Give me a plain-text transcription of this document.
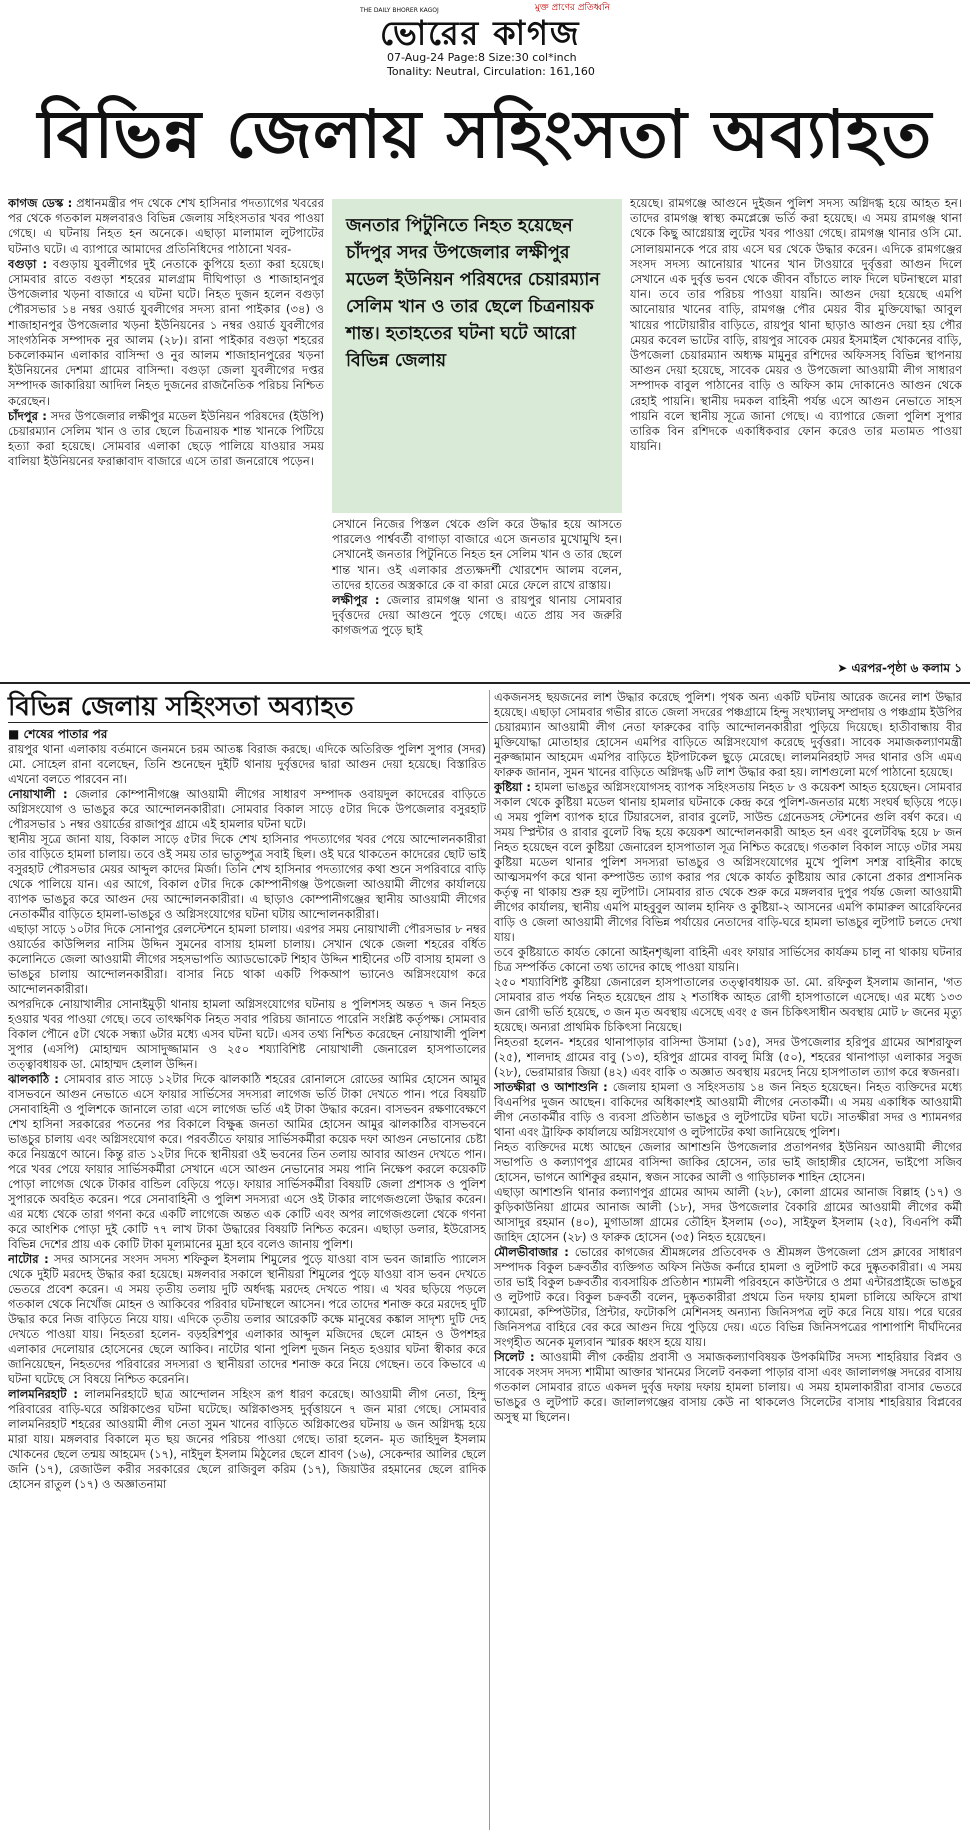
মুক্ত প্রাণের প্রতিধ্বনি
THE DAILY BHORER KAGOJ
ভোরের কাগজ
07-Aug-24 Page:8 Size:30 col*inch
Tonality: Neutral, Circulation: 161,160
বিভিন্ন জেলায় সহিংসতা অব্যাহত

কাগজ ডেস্ক : প্রধানমন্ত্রীর পদ থেকে শেখ হাসিনার পদত্যাগের খবরের পর থেকে গতকাল মঙ্গলবারও বিভিন্ন জেলায় সহিংসতার খবর পাওয়া গেছে। এ ঘটনায় নিহত হন অনেকে। এছাড়া মালামাল লুটপাটের ঘটনাও ঘটে। এ ব্যাপারে আমাদের প্রতিনিধিদের পাঠানো খবর-

বগুড়া : বগুড়ায় যুবলীগের দুই নেতাকে কুপিয়ে হত্যা করা হয়েছে। সোমবার রাতে বগুড়া শহরের মালগ্রাম দীঘিপাড়া ও শাজাহানপুর উপজেলার খড়না বাজারে এ ঘটনা ঘটে। নিহত দুজন হলেন বগুড়া পৌরসভার ১৪ নম্বর ওয়ার্ড যুবলীগের সদস্য রানা পাইকার (৩৪) ও শাজাহানপুর উপজেলার খড়না ইউনিয়নের ১ নম্বর ওয়ার্ড যুবলীগের সাংগঠনিক সম্পাদক নুর আলম (২৮)। রানা পাইকার বগুড়া শহরের চকলোকমান এলাকার বাসিন্দা ও নুর আলম শাজাহানপুরের খড়না ইউনিয়নের দেশমা গ্রামের বাসিন্দা। বগুড়া জেলা যুবলীগের দপ্তর সম্পাদক জাকারিয়া আদিল নিহত দুজনের রাজনৈতিক পরিচয় নিশ্চিত করেছেন।

চাঁদপুর : সদর উপজেলার লক্ষীপুর মডেল ইউনিয়ন পরিষদের (ইউপি) চেয়ারম্যান সেলিম খান ও তার ছেলে চিত্রনায়ক শান্ত খানকে পিটিয়ে হত্যা করা হয়েছে। সোমবার এলাকা ছেড়ে পালিয়ে যাওয়ার সময় বালিয়া ইউনিয়নের ফরাক্কাবাদ বাজারে এসে তারা জনরোষে পড়েন।

জনতার পিটুনিতে নিহত হয়েছেন চাঁদপুর সদর উপজেলার লক্ষীপুর মডেল ইউনিয়ন পরিষদের চেয়ারম্যান সেলিম খান ও তার ছেলে চিত্রনায়ক শান্ত। হতাহতের ঘটনা ঘটে আরো বিভিন্ন জেলায়

সেখানে নিজের পিস্তল থেকে গুলি করে উদ্ধার হয়ে আসতে পারলেও পার্শ্ববর্তী বাগাড়া বাজারে এসে জনতার মুখোমুখি হন। সেখানেই জনতার পিটুনিতে নিহত হন সেলিম খান ও তার ছেলে শান্ত খান। ওই এলাকার প্রত্যক্ষদর্শী খোরশেদ আলম বলেন, তাদের হাতের অস্ত্রকারে কে বা কারা মেরে ফেলে রাখে রাস্তায়।

লক্ষীপুর : জেলার রামগঞ্জ থানা ও রায়পুর থানায় সোমবার দুর্বৃত্তদের দেয়া আগুনে পুড়ে গেছে। এতে প্রায় সব জরুরি কাগজপত্র পুড়ে ছাই

হয়েছে। রামগঞ্জে আগুনে দুইজন পুলিশ সদস্য অগ্নিদগ্ধ হয়ে আহত হন। তাদের রামগঞ্জ স্বাস্থ্য কমপ্লেক্সে ভর্তি করা হয়েছে। এ সময় রামগঞ্জ থানা থেকে কিছু আগ্নেয়াস্ত্র লুটের খবর পাওয়া গেছে। রামগঞ্জ থানার ওসি মো. সোলায়মানকে পরে রায় এসে ঘর থেকে উদ্ধার করেন। এদিকে রামগঞ্জের সংসদ সদস্য আনোয়ার খানের খান টাওয়ারে দুর্বৃত্তরা আগুন দিলে সেখানে এক দুর্বৃত্ত ভবন থেকে জীবন বাঁচাতে লাফ দিলে ঘটনাস্থলে মারা যান। তবে তার পরিচয় পাওয়া যায়নি। আগুন দেয়া হয়েছে এমপি আনোয়ার খানের বাড়ি, রামগঞ্জ পৌর মেয়র বীর মুক্তিযোদ্ধা আবুল খায়ের পাটোয়ারীর বাড়িতে, রায়পুর থানা ছাড়াও আগুন দেয়া হয় পৌর মেয়র কবেল ভাটের বাড়ি, রায়পুর সাবেক মেয়র ইসমাইল খোকনের বাড়ি, উপজেলা চেয়ারম্যান অধ্যক্ষ মামুনুর রশিদের অফিসসহ বিভিন্ন স্থাপনায় আগুন দেয়া হয়েছে, সাবেক মেয়র ও উপজেলা আওয়ামী লীগ সাধারণ সম্পাদক বাবুল পাঠানের বাড়ি ও অফিস কাম দোকানেও আগুন থেকে রেহাই পায়নি। স্থানীয় দমকল বাহিনী পর্যন্ত এসে আগুন নেভাতে সাহস পায়নি বলে স্থানীয় সূত্রে জানা গেছে। এ ব্যাপারে জেলা পুলিশ সুপার তারিক বিন রশিদকে একাধিকবার ফোন করেও তার মতামত পাওয়া যায়নি।

➤ এরপর-পৃষ্ঠা ৬ কলাম ১
বিভিন্ন জেলায় সহিংসতা অব্যাহত
■ শেষের পাতার পর

রায়পুর থানা এলাকায় বর্তমানে জনমনে চরম আতঙ্ক বিরাজ করছে। এদিকে অতিরিক্ত পুলিশ সুপার (সদর) মো. সোহেল রানা বলেছেন, তিনি শুনেছেন দুইটি থানায় দুর্বৃত্তদের দ্বারা আগুন দেয়া হয়েছে। বিস্তারিত এখনো বলতে পারবেন না।

নোয়াখালী : জেলার কোম্পানীগঞ্জে আওয়ামী লীগের সাধারণ সম্পাদক ওবায়দুল কাদেরের বাড়িতে অগ্নিসংযোগ ও ভাঙচুর করে আন্দোলনকারীরা। সোমবার বিকাল সাড়ে ৫টার দিকে উপজেলার বসুরহাট পৌরসভার ১ নম্বর ওয়ার্ডের রাজাপুর গ্রামে এই হামলার ঘটনা ঘটে।

স্থানীয় সূত্রে জানা যায়, বিকাল সাড়ে ৫টার দিকে শেখ হাসিনার পদত্যাগের খবর পেয়ে আন্দোলনকারীরা তার বাড়িতে হামলা চালায়। তবে ওই সময় তার ভাতুষ্পুত্র সবাই ছিল। ওই ঘরে থাকতেন কাদেরের ছোট ভাই বসুরহাট পৌরসভার মেয়র আব্দুল কাদের মির্জা। তিনি শেখ হাসিনার পদত্যাগের কথা শুনে সপরিবারে বাড়ি থেকে পালিয়ে যান। এর আগে, বিকাল ৫টার দিকে কোম্পানীগঞ্জ উপজেলা আওয়ামী লীগের কার্যালয়ে ব্যাপক ভাঙচুর করে আগুন দেয় আন্দোলনকারীরা। এ ছাড়াও কোম্পানীগঞ্জের স্থানীয় আওয়ামী লীগের নেতাকর্মীর বাড়িতে হামলা-ভাঙচুর ও অগ্নিসংযোগের ঘটনা ঘটায় আন্দোলনকারীরা।

এছাড়া সাড়ে ১০টার দিকে সোনাপুর রেলস্টেশনে হামলা চালায়। এরপর সময় নোয়াখালী পৌরসভার ৮ নম্বর ওয়ার্ডের কাউন্সিলর নাসিম উদ্দিন সুমনের বাসায় হামলা চালায়। সেখান থেকে জেলা শহরের বর্ধিত কলোনিতে জেলা আওয়ামী লীগের সহসভাপতি অ্যাডভোকেট শিহাব উদ্দিন শাহীনের ৩টি বাসায় হামলা ও ভাঙচুর চালায় আন্দোলনকারীরা। বাসার নিচে থাকা একটি পিকআপ ভ্যানেও অগ্নিসংযোগ করে আন্দোলনকারীরা।

অপরদিকে নোয়াখালীর সোনাইমুড়ী থানায় হামলা অগ্নিসংযোগের ঘটনায় ৪ পুলিশসহ অন্তত ৭ জন নিহত হওয়ার খবর পাওয়া গেছে। তবে তাৎক্ষণিক নিহত সবার পরিচয় জানাতে পারেনি সংশ্লিষ্ট কর্তৃপক্ষ। সোমবার বিকাল পৌনে ৫টা থেকে সন্ধ্যা ৬টার মধ্যে এসব ঘটনা ঘটে। এসব তথ্য নিশ্চিত করেছেন নোয়াখালী পুলিশ সুপার (এসপি) মোহাম্মদ আসাদুজ্জামান ও ২৫০ শয্যাবিশিষ্ট নোয়াখালী জেনারেল হাসপাতালের তত্ত্বাবধায়ক ডা. মোহাম্মদ হেলাল উদ্দিন।

ঝালকাঠি : সোমবার রাত সাড়ে ১২টার দিকে ঝালকাঠি শহরের রোনালসে রোডের আমির হোসেন আমুর বাসভবনে আগুন নেভাতে এসে ফায়ার সার্ভিসের সদস্যরা লাগেজ ভর্তি টাকা দেখতে পান। পরে বিষয়টি সেনাবাহিনী ও পুলিশকে জানালে তারা এসে লাগেজ ভর্তি এই টাকা উদ্ধার করেন। বাসভবন রক্ষণাবেক্ষণে শেখ হাসিনা সরকারের পতনের পর বিকালে বিক্ষুব্ধ জনতা আমির হোসেন আমুর ঝালকাঠির বাসভবনে ভাঙচুর চালায় এবং অগ্নিসংযোগ করে। পরবর্তীতে ফায়ার সার্ভিসকর্মীরা কয়েক দফা আগুন নেভানোর চেষ্টা করে নিয়ন্ত্রণে আনে। কিন্তু রাত ১২টার দিকে স্থানীয়রা ওই ভবনের তিন তলায় আবার আগুন দেখতে পান। পরে খবর পেয়ে ফায়ার সার্ভিসকর্মীরা সেখানে এসে আগুন নেভানোর সময় পানি নিক্ষেপ করলে কয়েকটি পোড়া লাগেজ থেকে টাকার বান্ডিল বেড়িয়ে পড়ে। ফায়ার সার্ভিসকর্মীরা বিষয়টি জেলা প্রশাসক ও পুলিশ সুপারকে অবহিত করেন। পরে সেনাবাহিনী ও পুলিশ সদস্যরা এসে ওই টাকার লাগেজগুলো উদ্ধার করেন। এর মধ্যে থেকে তারা গণনা করে একটি লাগেজে অন্তত এক কোটি এবং অপর লাগেজগুলো থেকে গণনা করে আংশিক পোড়া দুই কোটি ৭৭ লাখ টাকা উদ্ধারের বিষয়টি নিশ্চিত করেন। এছাড়া ডলার, ইউরোসহ বিভিন্ন দেশের প্রায় এক কোটি টাকা মূল্যমানের মুদ্রা হবে বলেও জানায় পুলিশ।

নাটোর : সদর আসনের সংসদ সদস্য শফিকুল ইসলাম শিমুলের পুড়ে যাওয়া বাস ভবন জান্নাতি প্যালেস থেকে দুইটি মরদেহ উদ্ধার করা হয়েছে। মঙ্গলবার সকালে স্থানীয়রা শিমুলের পুড়ে যাওয়া বাস ভবন দেখতে ভেতরে প্রবেশ করেন। এ সময় তৃতীয় তলায় দুটি অর্ধদগ্ধ মরদেহ দেখতে পায়। এ খবর ছড়িয়ে পড়লে গতকাল থেকে নিখোঁজ মোহন ও আকিবের পরিবার ঘটনাস্থলে আসেন। পরে তাদের শনাক্ত করে মরদেহ দুটি উদ্ধার করে নিজ বাড়িতে নিয়ে যায়। এদিকে তৃতীয় তলার আরেকটি কক্ষে মানুষের কঙ্কাল সাদৃশ্য দুটি দেহ দেখতে পাওয়া যায়। নিহতরা হলেন- বড়হরিশপুর এলাকার আব্দুল মজিদের ছেলে মোহন ও উপশহর এলাকার দেলোয়ার হোসেনের ছেলে আকিব। নাটোর থানা পুলিশ দুজন নিহত হওয়ার ঘটনা স্বীকার করে জানিয়েছেন, নিহতদের পরিবারের সদস্যরা ও স্থানীয়রা তাদের শনাক্ত করে নিয়ে গেছেন। তবে কিভাবে এ ঘটনা ঘটেছে সে বিষয়ে নিশ্চিত করেননি।

লালমনিরহাট : লালমনিরহাটে ছাত্র আন্দোলন সহিংস রূপ ধারণ করেছে। আওয়ামী লীগ নেতা, হিন্দু পরিবারের বাড়ি-ঘরে অগ্নিকাণ্ডের ঘটনা ঘটেছে। অগ্নিকাণ্ডসহ দুর্বৃত্তায়নে ৭ জন মারা গেছে। সোমবার লালমনিরহাট শহরের আওয়ামী লীগ নেতা সুমন খানের বাড়িতে অগ্নিকাণ্ডের ঘটনায় ৬ জন অগ্নিদগ্ধ হয়ে মারা যায়। মঙ্গলবার বিকালে মৃত ছয় জনের পরিচয় পাওয়া গেছে। তারা হলেন- মৃত জাহিদুল ইসলাম খোকনের ছেলে তন্ময় আহমেদ (১৭), নাইদুল ইসলাম মিঠুলের ছেলে শ্রাবণ (১৬), সেকেন্দার আলির ছেলে জনি (১৭), রেজাউল করীর সরকারের ছেলে রাজিবুল করিম (১৭), জিয়াউর রহমানের ছেলে রাদিক হোসেন রাতুল (১৭) ও অজ্ঞাতনামা

একজনসহ ছয়জনের লাশ উদ্ধার করেছে পুলিশ। পৃথক অন্য একটি ঘটনায় আরেক জনের লাশ উদ্ধার হয়েছে। এছাড়া সোমবার গভীর রাতে জেলা সদরের পঞ্চগ্রামে হিন্দু সংখ্যালঘু সম্প্রদায় ও পঞ্চগ্রাম ইউপির চেয়ারম্যান আওয়ামী লীগ নেতা ফারুকের বাড়ি আন্দোলনকারীরা পুড়িয়ে দিয়েছে। হাতীবান্ধায় বীর মুক্তিযোদ্ধা মোতাহার হোসেন এমপির বাড়িতে অগ্নিসংযোগ করেছে দুর্বৃত্তরা। সাবেক সমাজকল্যাণমন্ত্রী নুরুজ্জামান আহমেদ এমপির বাড়িতে ইটপাটকেল ছুড়ে মেরেছে। লালমনিরহাট সদর থানার ওসি এমএ ফারুক জানান, সুমন খানের বাড়িতে অগ্নিদগ্ধ ৬টি লাশ উদ্ধার করা হয়। লাশগুলো মর্গে পাঠানো হয়েছে।

কুষ্টিয়া : হামলা ভাঙচুর অগ্নিসংযোগসহ ব্যাপক সহিংসতায় নিহত ৮ ও কয়েকশ আহত হয়েছেন। সোমবার সকাল থেকে কুষ্টিয়া মডেল থানায় হামলার ঘটনাকে কেন্দ্র করে পুলিশ-জনতার মধ্যে সংঘর্ষ ছড়িয়ে পড়ে। এ সময় পুলিশ ব্যাপক হারে টিয়ারসেল, রাবার বুলেট, সাউন্ড গ্রেনেডসহ স্টেশনের গুলি বর্ষণ করে। এ সময় স্প্লিন্টার ও রাবার বুলেট বিদ্ধ হয়ে কয়েকশ আন্দোলনকারী আহত হন এবং বুলেটবিদ্ধ হয়ে ৮ জন নিহত হয়েছেন বলে কুষ্টিয়া জেনারেল হাসপাতাল সূত্র নিশ্চিত করেছে। গতকাল বিকাল সাড়ে ৩টার সময় কুষ্টিয়া মডেল থানার পুলিশ সদস্যরা ভাঙচুর ও অগ্নিসংযোগের মুখে পুলিশ সশস্ত্র বাহিনীর কাছে আত্মসমর্পণ করে থানা কম্পাউন্ড ত্যাগ করার পর থেকে কার্যত কুষ্টিয়ায় আর কোনো প্রকার প্রশাসনিক কর্তৃত্ব না থাকায় শুরু হয় লুটপাট। সোমবার রাত থেকে শুরু করে মঙ্গলবার দুপুর পর্যন্ত জেলা আওয়ামী লীগের কার্যালয়, স্থানীয় এমপি মাহবুবুল আলম হানিফ ও কুষ্টিয়া-২ আসনের এমপি কামারুল আরেফিনের বাড়ি ও জেলা আওয়ামী লীগের বিভিন্ন পর্যায়ের নেতাদের বাড়ি-ঘরে হামলা ভাঙচুর লুটপাট চলতে দেখা যায়।

তবে কুষ্টিয়াতে কার্যত কোনো আইনশৃঙ্খলা বাহিনী এবং ফায়ার সার্ভিসের কার্যক্রম চালু না থাকায় ঘটনার চিত্র সম্পর্কিত কোনো তথ্য তাদের কাছে পাওয়া যায়নি।

২৫০ শয্যাবিশিষ্ট কুষ্টিয়া জেনারেল হাসপাতালের তত্ত্বাবধায়ক ডা. মো. রফিকুল ইসলাম জানান, 'গত সোমবার রাত পর্যন্ত নিহত হয়েছেন প্রায় ২ শতাধিক আহত রোগী হাসপাতালে এসেছে। এর মধ্যে ১৩৩ জন রোগী ভর্তি হয়েছে, ৩ জন মৃত অবস্থায় এসেছে এবং ৫ জন চিকিৎসাধীন অবস্থায় মোট ৮ জনের মৃত্যু হয়েছে। অন্যরা প্রাথমিক চিকিৎসা নিয়েছে।

নিহতরা হলেন- শহরের থানাপাড়ার বাসিন্দা উসামা (১৫), সদর উপজেলার হরিপুর গ্রামের আশরাফুল (২৫), শালদাহ গ্রামের বাবু (১৩), হরিপুর গ্রামের বাবলু মিস্ত্রি (৫০), শহরের থানাপাড়া এলাকার সবুজ (২৮), ভেরামারার জিয়া (৪২) এবং বাকি ৩ অজ্ঞাত অবস্থায় মরদেহ নিয়ে হাসপাতাল ত্যাগ করে স্বজনরা।

সাতক্ষীরা ও আশাশুনি : জেলায় হামলা ও সহিংসতায় ১৪ জন নিহত হয়েছেন। নিহত ব্যক্তিদের মধ্যে বিএনপির দুজন আছেন। বাকিদের অধিকাংশই আওয়ামী লীগের নেতাকর্মী। এ সময় একাধিক আওয়ামী লীগ নেতাকর্মীর বাড়ি ও ব্যবসা প্রতিষ্ঠান ভাঙচুর ও লুটপাটের ঘটনা ঘটে। সাতক্ষীরা সদর ও শ্যামনগর থানা এবং ট্রাফিক কার্যালয়ে অগ্নিসংযোগ ও লুটপাটের কথা জানিয়েছে পুলিশ।

নিহত ব্যক্তিদের মধ্যে আছেন জেলার আশাশুনি উপজেলার প্রতাপনগর ইউনিয়ন আওয়ামী লীগের সভাপতি ও কল্যাণপুর গ্রামের বাসিন্দা জাকির হোসেন, তার ভাই জাহাঙ্গীর হোসেন, ভাইপো সজিব হোসেন, ভাগনে আশিকুর রহমান, স্বজন সাকের আলী ও গাড়িচালক শাহিন হোসেন।

এছাড়া আশাশুনি থানার কল্যাণপুর গ্রামের আদম আলী (২৮), কোলা গ্রামের আনাজ বিল্লাহ (১৭) ও কুড়িকাউনিয়া গ্রামের আনাজ আলী (১৮), সদর উপজেলার বৈকারি গ্রামের আওয়ামী লীগের কর্মী আসাদুর রহমান (৪০), মুগাডাঙ্গা গ্রামের তৌহিদ ইসলাম (৩০), সাইফুল ইসলাম (২৫), বিএনপি কর্মী জাহিদ হোসেন (২৮) ও ফারুক হোসেন (৩৫) নিহত হয়েছেন।

মৌলভীবাজার : ভোরের কাগজের শ্রীমঙ্গলের প্রতিবেদক ও শ্রীমঙ্গল উপজেলা প্রেস ক্লাবের সাধারণ সম্পাদক বিকুল চক্রবর্তীর ব্যক্তিগত অফিস নিউজ কর্নারে হামলা ও লুটপাট করে দুষ্কৃতকারীরা। এ সময় তার ভাই বিকুল চক্রবর্তীর ব্যবসায়িক প্রতিষ্ঠান শ্যামলী পরিবহনে কাউন্টারে ও প্রমা এন্টারপ্রাইজে ভাঙচুর ও লুটপাট করে। বিকুল চক্রবর্তী বলেন, দুষ্কৃতকারীরা প্রথমে তিন দফায় হামলা চালিয়ে অফিসে রাখা ক্যামেরা, কম্পিউটার, প্রিন্টার, ফটোকপি মেশিনসহ অন্যান্য জিনিসপত্র লুট করে নিয়ে যায়। পরে ঘরের জিনিসপত্র বাহিরে বের করে আগুন দিয়ে পুড়িয়ে দেয়। এতে বিভিন্ন জিনিসপত্রের পাশাপাশি দীর্ঘদিনের সংগৃহীত অনেক মূল্যবান স্মারক ধ্বংস হয়ে যায়।

সিলেট : আওয়ামী লীগ কেন্দ্রীয় প্রবাসী ও সমাজকল্যাণবিষয়ক উপকমিটির সদস্য শাহরিয়ার বিপ্লব ও সাবেক সংসদ সদস্য শামীমা আক্তার খানমের সিলেট বনকলা পাড়ার বাসা এবং জালালগঞ্জ সদরের বাসায় গতকাল সোমবার রাতে একদল দুর্বৃত্ত দফায় দফায় হামলা চালায়। এ সময় হামলাকারীরা বাসার ভেতরে ভাঙচুর ও লুটপাট করে। জালালগঞ্জের বাসায় কেউ না থাকলেও সিলেটের বাসায় শাহরিয়ার বিপ্লবের অসুস্থ মা ছিলেন।
